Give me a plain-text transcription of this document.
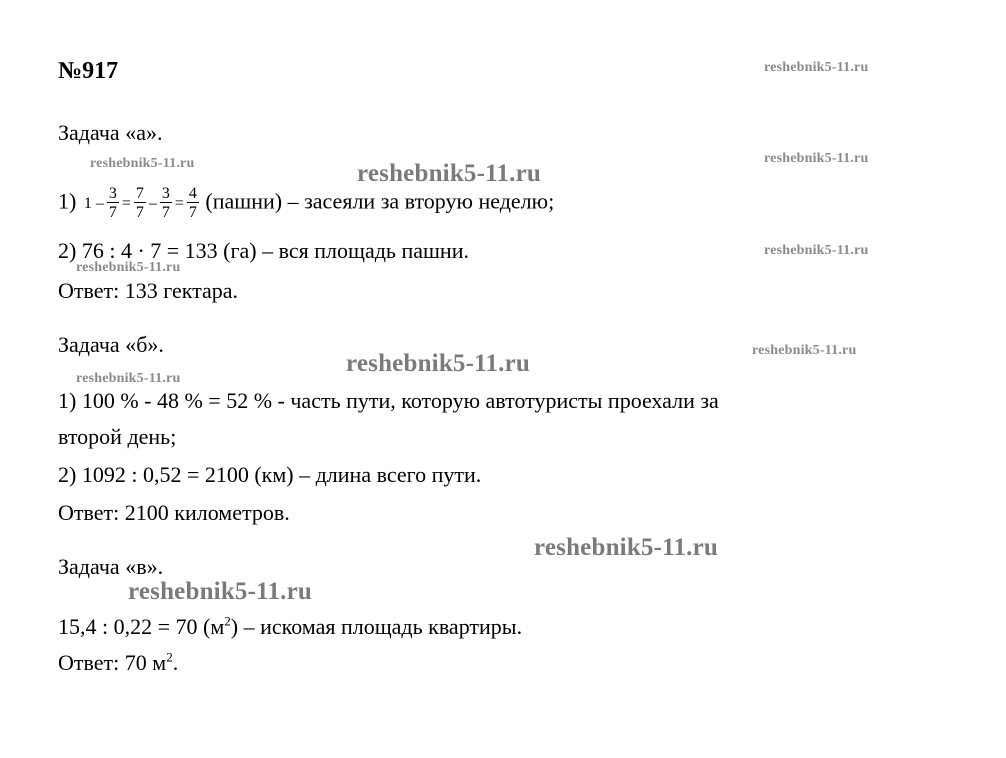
№917	reshebnik5-11.ru
reshebnik5-11.ru	reshebnik5-11.ru
reshebnik5-11.ru
reshebnik5-11.ru
reshebnik5-11.ru
reshebnik5-11.ru	reshebnik5-11.ru
reshebnik5-11.ru
reshebnik5-11.ru
reshebnik5-11.ru
Задача «а».
1) $1 - \frac{3}{7} = \frac{7}{7} - \frac{3}{7} = \frac{4}{7}$ (пашни) – засеяли за вторую неделю;
2) 76 : 4 · 7 = 133 (га) – вся площадь пашни.
Ответ: 133 гектара.
Задача «б».
1) 100 % - 48 % = 52 % - часть пути, которую автотуристы проехали за
второй день;
2) 1092 : 0,52 = 2100 (км) – длина всего пути.
Ответ: 2100 километров.
Задача «в».
15,4 : 0,22 = 70 $(м^2)$ – искомая площадь квартиры.
Ответ: 70 $м^2$.
